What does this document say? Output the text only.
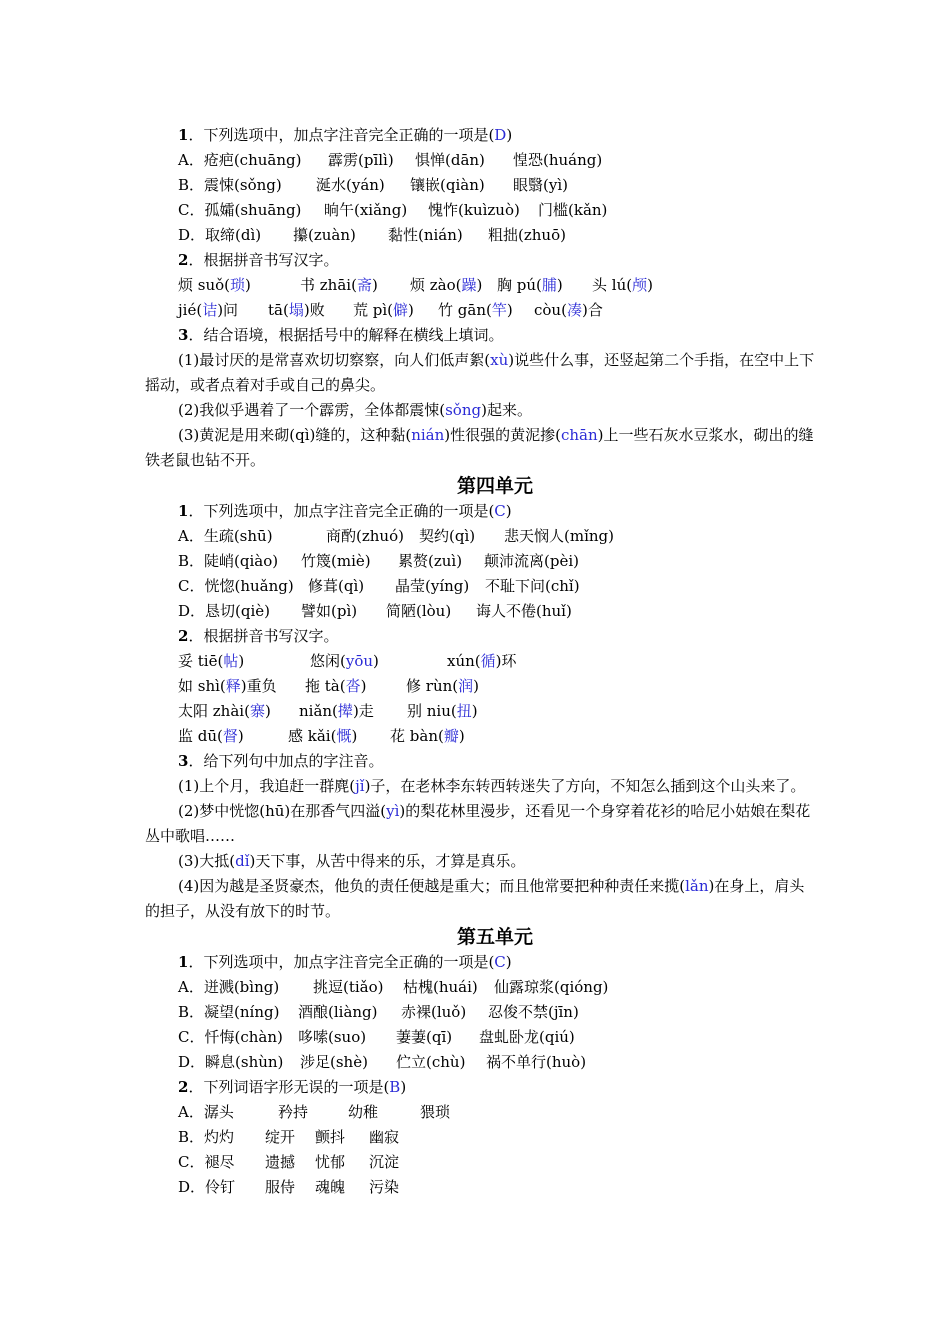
1．下列选项中，加点字注音完全正确的一项是(D)
A．疮疤(chuāng) 霹雳(pīlì) 惧惮(dān) 惶恐(huáng)
B．震悚(sǒng) 涎水(yán) 镶嵌(qiàn) 眼翳(yì)
C．孤孀(shuāng) 晌午(xiǎng) 愧怍(kuìzuò) 门槛(kǎn)
D．取缔(dì) 攥(zuàn) 黏性(nián) 粗拙(zhuō)
2．根据拼音书写汉字。
烦 suǒ(琐)	书 zhāi(斋) 烦 zào(躁) 胸 pú(脯) 头 lú(颅)
jié(诘)问 tā(塌)败 荒 pì(僻) 竹 gān(竿) còu(凑)合
3．结合语境，根据括号中的解释在横线上填词。
(1)最讨厌的是常喜欢切切察察，向人们低声絮(xù)说些什么事，还竖起第二个手指，在空中上下摇动，或者点着对手或自己的鼻尖。
(2)我似乎遇着了一个霹雳，全体都震悚(sǒng)起来。
(3)黄泥是用来砌(qì)缝的，这种黏(nián)性很强的黄泥掺(chān)上一些石灰水豆浆水，砌出的缝铁老鼠也钻不开。
第四单元
1．下列选项中，加点字注音完全正确的一项是(C)
A．生疏(shū)	商酌(zhuó) 契约(qì) 悲天悯人(mǐng)
B．陡峭(qiào) 竹篾(miè) 累赘(zuì) 颠沛流离(pèi)
C．恍惚(huǎng) 修葺(qì) 晶莹(yíng) 不耻下问(chǐ)
D．恳切(qiè) 譬如(pì) 简陋(lòu) 诲人不倦(huǐ)
2．根据拼音书写汉字。
妥 tiē(帖)	悠闲(yōu)	xún(循)环
如 shì(释)重负 拖 tà(沓)	修 rùn(润)
太阳 zhài(寨) niǎn(撵)走 别 niu(扭)
监 dū(督)	感 kǎi(慨) 花 bàn(瓣)
3．给下列句中加点的字注音。
(1)上个月，我追赶一群麂(jǐ)子，在老林李东转西转迷失了方向，不知怎么插到这个山头来了。
(2)梦中恍惚(hū)在那香气四溢(yì)的梨花林里漫步，还看见一个身穿着花衫的哈尼小姑娘在梨花丛中歌唱……
(3)大抵(dǐ)天下事，从苦中得来的乐，才算是真乐。
(4)因为越是圣贤豪杰，他负的责任便越是重大；而且他常要把种种责任来揽(lǎn)在身上，肩头的担子，从没有放下的时节。
第五单元
1．下列选项中，加点字注音完全正确的一项是(C)
A．迸溅(bìng) 挑逗(tiǎo) 枯槐(huái) 仙露琼浆(qióng)
B．凝望(níng) 酒酿(liàng) 赤裸(luǒ) 忍俊不禁(jīn)
C．忏悔(chàn) 哆嗦(suo) 萋萋(qī) 盘虬卧龙(qiú)
D．瞬息(shùn) 涉足(shè) 伫立(chù) 祸不单行(huò)
2．下列词语字形无误的一项是(B)
A．潺头	矜持	幼稚	猥琐
B．灼灼 绽开 颤抖 幽寂
C．褪尽 遗撼 忧郁 沉淀
D．伶钉 服侍 魂魄 污染
